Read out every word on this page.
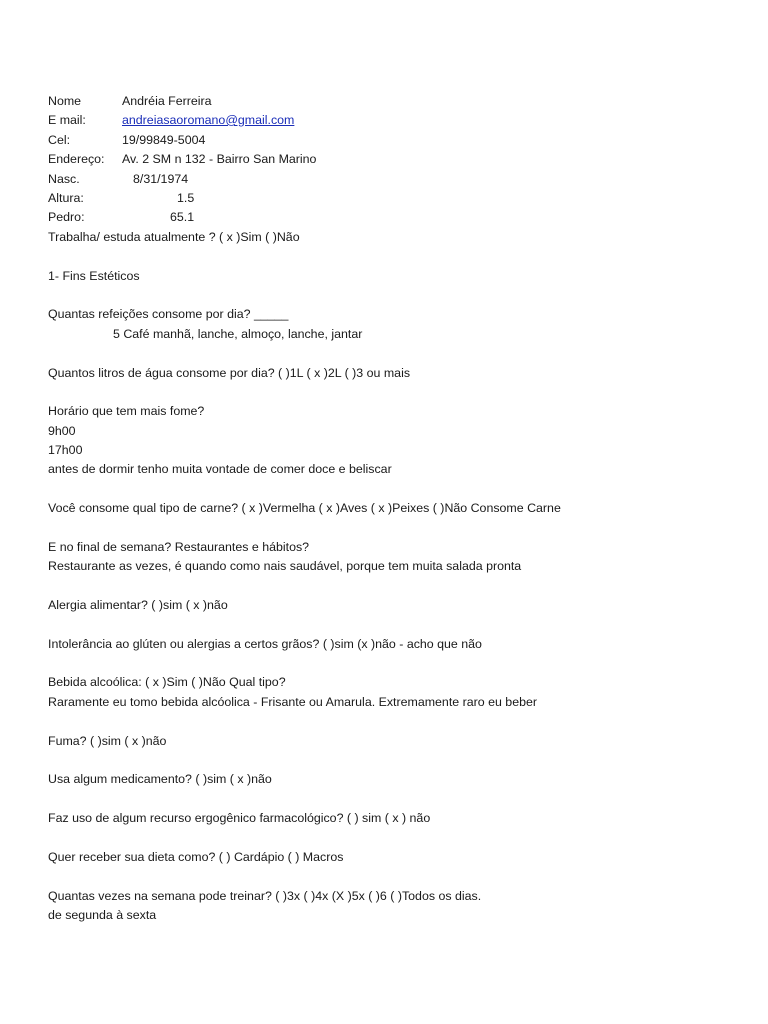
Nome	Andréia Ferreira
E mail:	andreiasaoromano@gmail.com
Cel:	19/99849-5004
Endereço: Av. 2 SM n 132 - Bairro San Marino
Nasc.	8/31/1974
Altura:	1.5
Pedro:	65.1
Trabalha/ estuda atualmente ? ( x )Sim ( )Não
1- Fins Estéticos
Quantas refeições consome por dia? _____
5 Café manhã, lanche, almoço, lanche, jantar
Quantos litros de água consome por dia? ( )1L ( x )2L ( )3 ou mais
Horário que tem mais fome?
9h00
17h00
antes de dormir tenho muita vontade de comer doce e beliscar
Você consome qual tipo de carne? ( x )Vermelha ( x )Aves ( x )Peixes ( )Não Consome Carne
E no final de semana? Restaurantes e hábitos?
Restaurante as vezes, é quando como nais saudável, porque tem muita salada pronta
Alergia alimentar? ( )sim ( x )não
Intolerância ao glúten ou alergias a certos grãos? ( )sim (x )não - acho que não
Bebida alcoólica: ( x )Sim ( )Não Qual tipo?
Raramente eu tomo bebida alcóolica - Frisante ou Amarula. Extremamente raro eu beber
Fuma? ( )sim ( x )não
Usa algum medicamento? ( )sim ( x )não
Faz uso de algum recurso ergogênico farmacológico? ( ) sim ( x ) não
Quer receber sua dieta como? ( ) Cardápio ( ) Macros
Quantas vezes na semana pode treinar? ( )3x ( )4x (X )5x ( )6 ( )Todos os dias.
de segunda à sexta
